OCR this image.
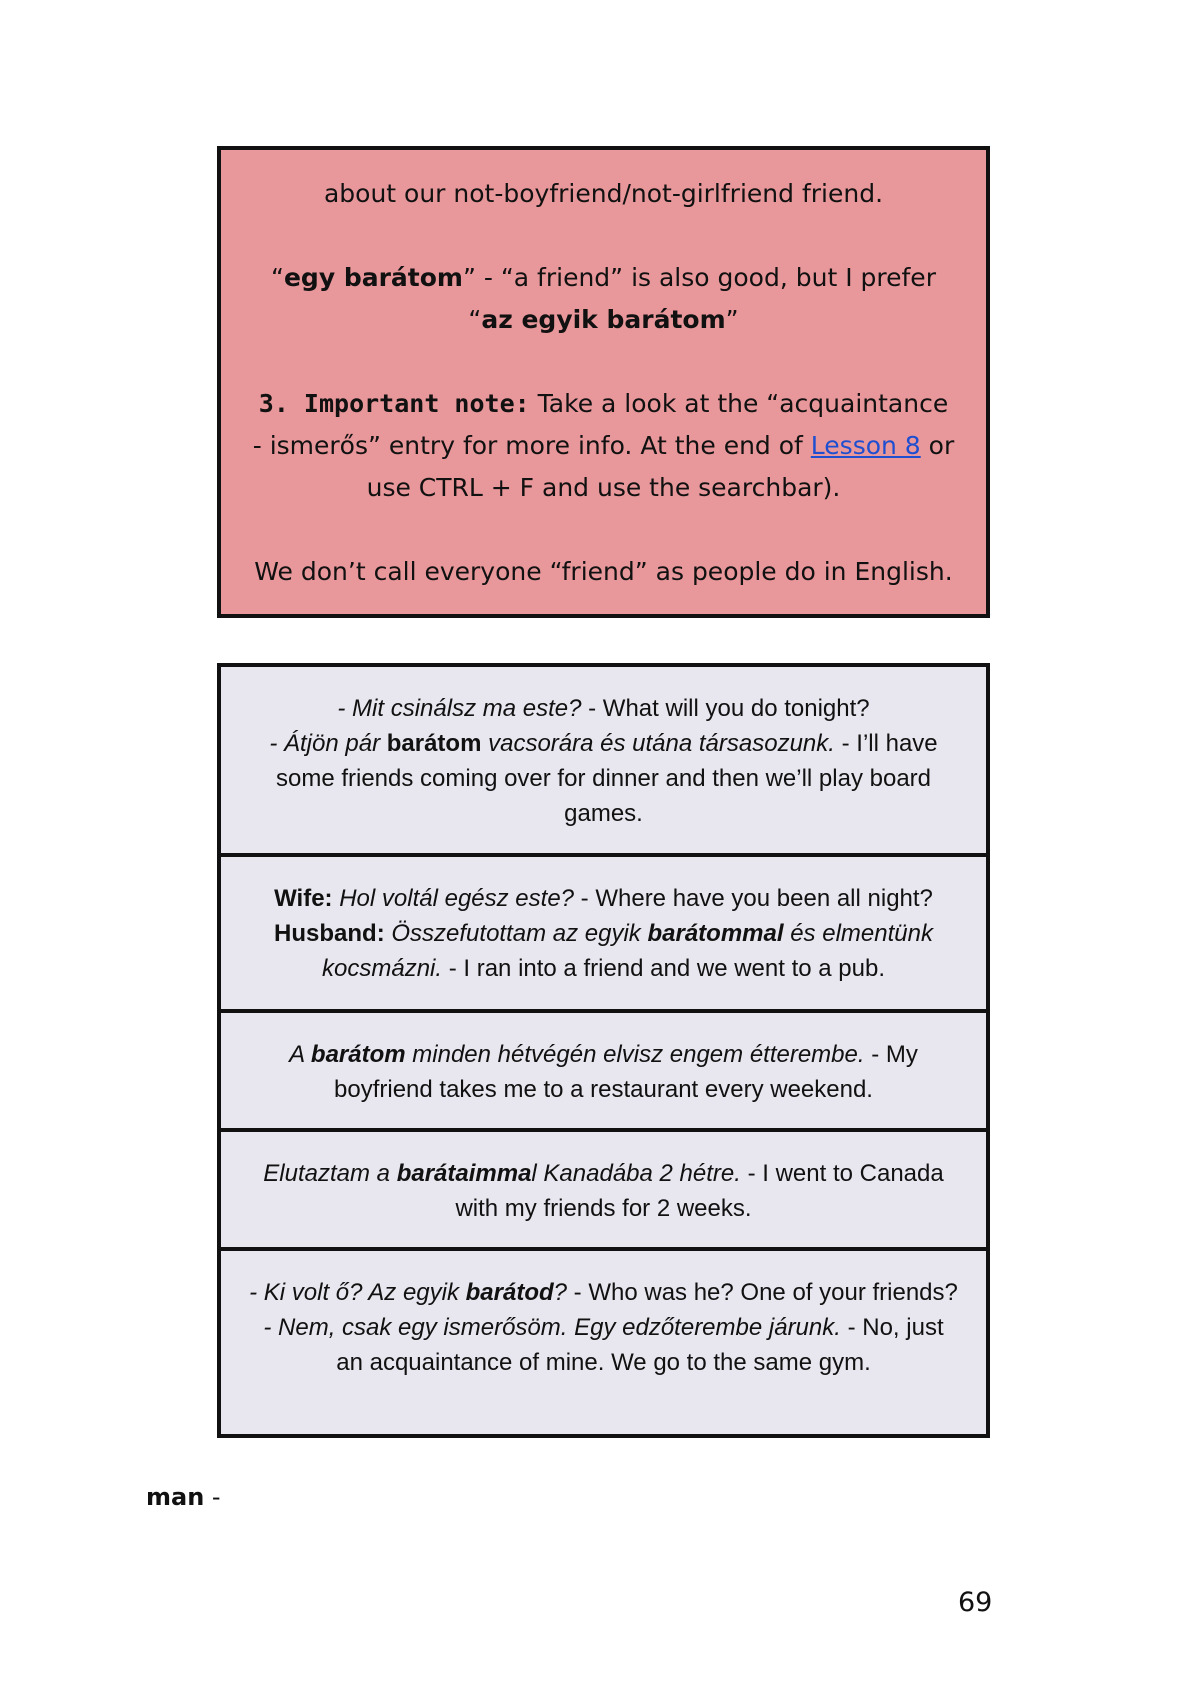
about our not-boyfriend/not-girlfriend friend.

“egy barátom” - “a friend” is also good, but I prefer “az egyik barátom”

3. Important note: Take a look at the “acquaintance - ismerős” entry for more info. At the end of Lesson 8 or use CTRL + F and use the searchbar).

We don’t call everyone “friend” as people do in English.

- Mit csinálsz ma este? - What will you do tonight?

- Átjön pár barátom vacsorára és utána társasozunk. - I’ll have some friends coming over for dinner and then we’ll play board games.

Wife: Hol voltál egész este? - Where have you been all night?

Husband: Összefutottam az egyik barátommal és elmentünk kocsmázni. - I ran into a friend and we went to a pub.

A barátom minden hétvégén elvisz engem étterembe. - My boyfriend takes me to a restaurant every weekend.

Elutaztam a barátaimmal Kanadába 2 hétre. - I went to Canada with my friends for 2 weeks.

- Ki volt ő? Az egyik barátod? - Who was he? One of your friends?

- Nem, csak egy ismerősöm. Egy edzőterembe járunk. - No, just an acquaintance of mine. We go to the same gym.

man -
69
